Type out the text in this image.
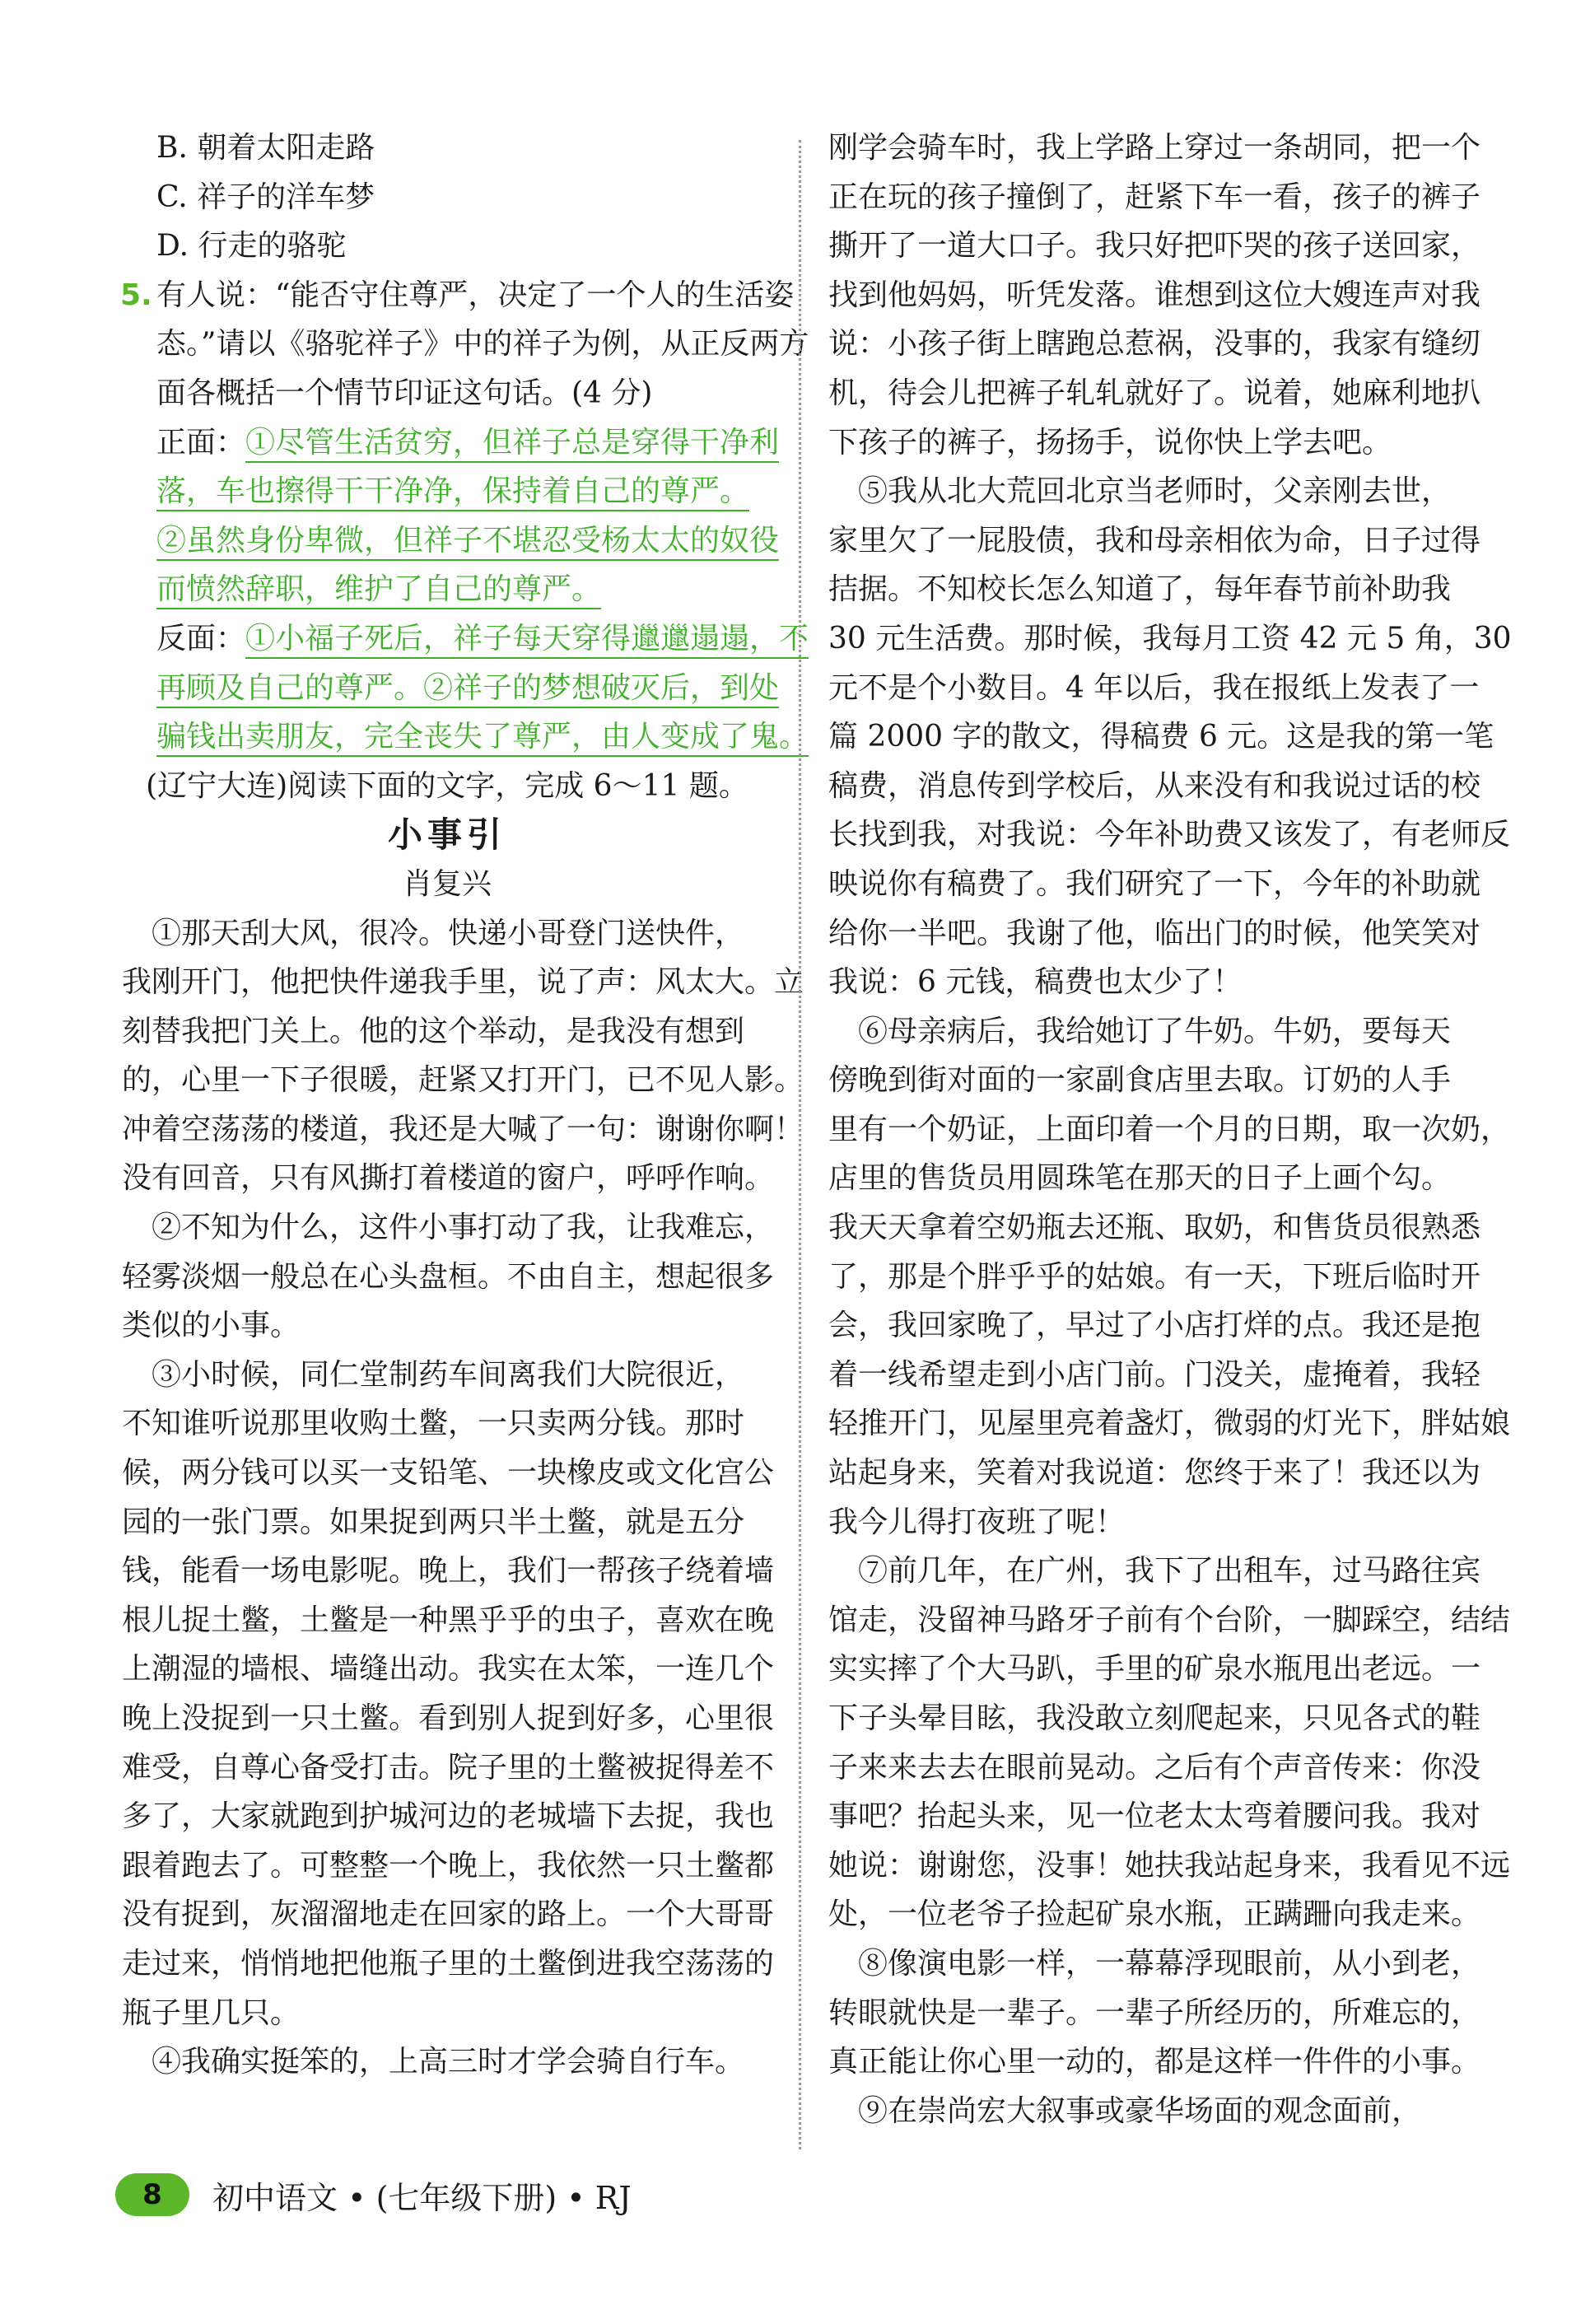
B. 朝着太阳走路
C. 祥子的洋车梦
D. 行走的骆驼
5. 有人说：“能否守住尊严，决定了一个人的生活姿
态。”请以《骆驼祥子》中的祥子为例，从正反两方
面各概括一个情节印证这句话。(4 分)
正面：①尽管生活贫穷，但祥子总是穿得干净利
落，车也擦得干干净净，保持着自己的尊严。
②虽然身份卑微，但祥子不堪忍受杨太太的奴役
而愤然辞职，维护了自己的尊严。
反面：①小福子死后，祥子每天穿得邋邋遢遢，不
再顾及自己的尊严。②祥子的梦想破灭后，到处
骗钱出卖朋友，完全丧失了尊严，由人变成了鬼。
(辽宁大连)阅读下面的文字，完成 6～11 题。
小事引
肖复兴
①那天刮大风，很冷。快递小哥登门送快件，
我刚开门，他把快件递我手里，说了声：风太大。立
刻替我把门关上。他的这个举动，是我没有想到
的，心里一下子很暖，赶紧又打开门，已不见人影。
冲着空荡荡的楼道，我还是大喊了一句：谢谢你啊！
没有回音，只有风撕打着楼道的窗户，呼呼作响。
②不知为什么，这件小事打动了我，让我难忘，
轻雾淡烟一般总在心头盘桓。不由自主，想起很多
类似的小事。
③小时候，同仁堂制药车间离我们大院很近，
不知谁听说那里收购土鳖，一只卖两分钱。那时
候，两分钱可以买一支铅笔、一块橡皮或文化宫公
园的一张门票。如果捉到两只半土鳖，就是五分
钱，能看一场电影呢。晚上，我们一帮孩子绕着墙
根儿捉土鳖，土鳖是一种黑乎乎的虫子，喜欢在晚
上潮湿的墙根、墙缝出动。我实在太笨，一连几个
晚上没捉到一只土鳖。看到别人捉到好多，心里很
难受，自尊心备受打击。院子里的土鳖被捉得差不
多了，大家就跑到护城河边的老城墙下去捉，我也
跟着跑去了。可整整一个晚上，我依然一只土鳖都
没有捉到，灰溜溜地走在回家的路上。一个大哥哥
走过来，悄悄地把他瓶子里的土鳖倒进我空荡荡的
瓶子里几只。
④我确实挺笨的，上高三时才学会骑自行车。
刚学会骑车时，我上学路上穿过一条胡同，把一个
正在玩的孩子撞倒了，赶紧下车一看，孩子的裤子
撕开了一道大口子。我只好把吓哭的孩子送回家，
找到他妈妈，听凭发落。谁想到这位大嫂连声对我
说：小孩子街上瞎跑总惹祸，没事的，我家有缝纫
机，待会儿把裤子轧轧就好了。说着，她麻利地扒
下孩子的裤子，扬扬手，说你快上学去吧。
⑤我从北大荒回北京当老师时，父亲刚去世，
家里欠了一屁股债，我和母亲相依为命，日子过得
拮据。不知校长怎么知道了，每年春节前补助我
30 元生活费。那时候，我每月工资 42 元 5 角，30
元不是个小数目。4 年以后，我在报纸上发表了一
篇 2000 字的散文，得稿费 6 元。这是我的第一笔
稿费，消息传到学校后，从来没有和我说过话的校
长找到我，对我说：今年补助费又该发了，有老师反
映说你有稿费了。我们研究了一下，今年的补助就
给你一半吧。我谢了他，临出门的时候，他笑笑对
我说：6 元钱，稿费也太少了！
⑥母亲病后，我给她订了牛奶。牛奶，要每天
傍晚到街对面的一家副食店里去取。订奶的人手
里有一个奶证，上面印着一个月的日期，取一次奶，
店里的售货员用圆珠笔在那天的日子上画个勾。
我天天拿着空奶瓶去还瓶、取奶，和售货员很熟悉
了，那是个胖乎乎的姑娘。有一天，下班后临时开
会，我回家晚了，早过了小店打烊的点。我还是抱
着一线希望走到小店门前。门没关，虚掩着，我轻
轻推开门，见屋里亮着盏灯，微弱的灯光下，胖姑娘
站起身来，笑着对我说道：您终于来了！我还以为
我今儿得打夜班了呢！
⑦前几年，在广州，我下了出租车，过马路往宾
馆走，没留神马路牙子前有个台阶，一脚踩空，结结
实实摔了个大马趴，手里的矿泉水瓶甩出老远。一
下子头晕目眩，我没敢立刻爬起来，只见各式的鞋
子来来去去在眼前晃动。之后有个声音传来：你没
事吧？抬起头来，见一位老太太弯着腰问我。我对
她说：谢谢您，没事！她扶我站起身来，我看见不远
处，一位老爷子捡起矿泉水瓶，正蹒跚向我走来。
⑧像演电影一样，一幕幕浮现眼前，从小到老，
转眼就快是一辈子。一辈子所经历的，所难忘的，
真正能让你心里一动的，都是这样一件件的小事。
⑨在崇尚宏大叙事或豪华场面的观念面前，
8	初中语文 • (七年级下册) • RJ
